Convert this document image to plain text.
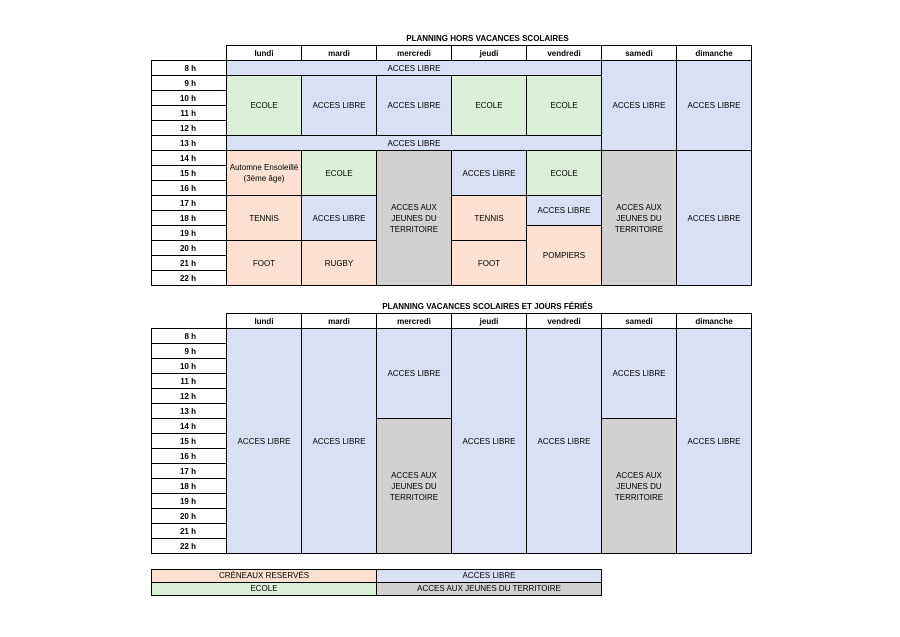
PLANNING HORS VACANCES SCOLAIRES
	lundi	mardi	mercredi	jeudi	vendredi	samedi	dimanche
8 h	ACCES LIBRE					ACCES LIBRE	ACCES LIBRE
9 h	ECOLE	ACCES LIBRE	ACCES LIBRE	ECOLE	ECOLE		
10 h							
11 h							
12 h							
13 h	ACCES LIBRE						
14 h	Automne Ensoleillé (3ème âge)	ECOLE	ACCES AUX JEUNES DU TERRITOIRE	ACCES LIBRE	ECOLE	ACCES AUX JEUNES DU TERRITOIRE	ACCES LIBRE
15 h							
16 h							
17 h	TENNIS	ACCES LIBRE		TENNIS	ACCES LIBRE		
18 h							
19 h					POMPIERS		
20 h	FOOT	RUGBY		FOOT			
21 h							
22 h							
PLANNING VACANCES SCOLAIRES ET JOURS FÉRIÉS
	lundi	mardi	mercredi	jeudi	vendredi	samedi	dimanche
8 h	ACCES LIBRE	ACCES LIBRE	ACCES LIBRE	ACCES LIBRE	ACCES LIBRE	ACCES LIBRE	ACCES LIBRE
9 h							
10 h							
11 h							
12 h							
13 h							
14 h			ACCES AUX JEUNES DU TERRITOIRE			ACCES AUX JEUNES DU TERRITOIRE	
15 h							
16 h							
17 h							
18 h							
19 h							
20 h							
21 h							
22 h							
CRÉNEAUX RESERVÉS	ACCES LIBRE
ECOLE	ACCES AUX JEUNES DU TERRITOIRE
